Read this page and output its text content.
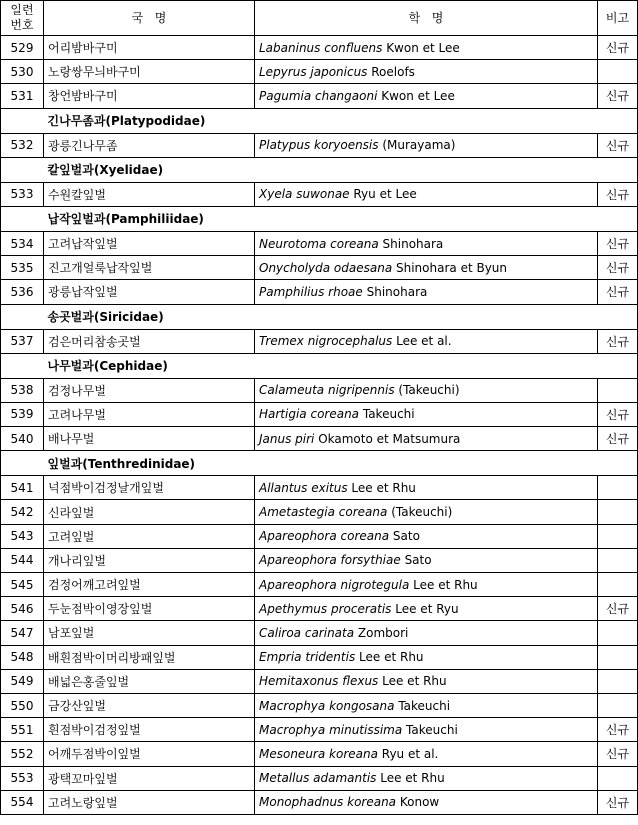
일련
번호	국   명	학   명	비고
529	어리밤바구미	Labaninus confluens Kwon et Lee	신규
530	노랑쌍무늬바구미	Lepyrus japonicus Roelofs	
531	창언밤바구미	Pagumia changaoni Kwon et Lee	신규
	긴나무좀과(Platypodidae)		
532	광릉긴나무좀	Platypus koryoensis (Murayama)	신규
	칼잎벌과(Xyelidae)		
533	수원칼잎벌	Xyela suwonae Ryu et Lee	신규
	납작잎벌과(Pamphiliidae)		
534	고려납작잎벌	Neurotoma coreana Shinohara	신규
535	진고개얼룩납작잎벌	Onycholyda odaesana Shinohara et Byun	신규
536	광릉납작잎벌	Pamphilius rhoae Shinohara	신규
	송곳벌과(Siricidae)		
537	검은머리참송곳벌	Tremex nigrocephalus Lee et al.	신규
	나무벌과(Cephidae)		
538	검정나무벌	Calameuta nigripennis (Takeuchi)	
539	고려나무벌	Hartigia coreana Takeuchi	신규
540	배나무벌	Janus piri Okamoto et Matsumura	신규
	잎벌과(Tenthredinidae)		
541	넉점박이검정날개잎벌	Allantus exitus Lee et Rhu	
542	신라잎벌	Ametastegia coreana (Takeuchi)	
543	고려잎벌	Apareophora coreana Sato	
544	개나리잎벌	Apareophora forsythiae Sato	
545	검정어깨고려잎벌	Apareophora nigrotegula Lee et Rhu	
546	두눈점박이영장잎벌	Apethymus proceratis Lee et Ryu	신규
547	남포잎벌	Caliroa carinata Zombori	
548	배흰점박이머리방패잎벌	Empria tridentis Lee et Rhu	
549	배넓은홍줄잎벌	Hemitaxonus flexus Lee et Rhu	
550	금강산잎벌	Macrophya kongosana Takeuchi	
551	흰점박이검정잎벌	Macrophya minutissima Takeuchi	신규
552	어깨두점박이잎벌	Mesoneura koreana Ryu et al.	신규
553	광택꼬마잎벌	Metallus adamantis Lee et Rhu	
554	고려노랑잎벌	Monophadnus koreana Konow	신규
